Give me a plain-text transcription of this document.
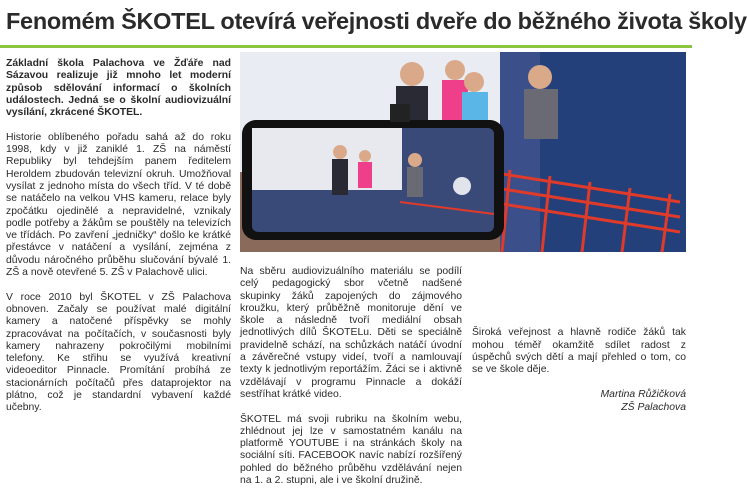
Fenomém ŠKOTEL otevírá veřejnosti dveře do běžného života školy

Základní škola Palachova ve Žďáře nad Sázavou realizuje již mnoho let moderní způsob sdělování informací o školních událostech. Jedná se o školní audiovizuální vysílání, zkrácené ŠKOTEL.

Historie oblíbeného pořadu sahá až do roku 1998, kdy v již zaniklé 1. ZŠ na náměstí Republiky byl tehdejším panem ředitelem Heroldem zbudován televizní okruh. Umožňoval vysílat z jednoho místa do všech tříd. V té době se natáčelo na velkou VHS kameru, relace byly zpočátku ojedinělé a nepravidelné, vznikaly podle potřeby a žákům se pouštěly na televizích ve třídách. Po zavření „jedničky“ došlo ke krátké přestávce v natáčení a vysílání, zejména z důvodu náročného průběhu slučování bývalé 1. ZŠ a nově otevřené 5. ZŠ v Palachově ulici.

V roce 2010 byl ŠKOTEL v ZŠ Palachova obnoven. Začaly se používat malé digitální kamery a natočené příspěvky se mohly zpracovávat na počítačích, v současnosti byly kamery nahrazeny pokročilými mobilními telefony. Ke střihu se využívá kreativní videoeditor Pinnacle. Promítání probíhá ze stacionárních počítačů přes dataprojektor na plátno, což je standardní vybavení každé učebny.

Na sběru audiovizuálního materiálu se podílí celý pedagogický sbor včetně nadšené skupinky žáků zapojených do zájmového kroužku, který průběžně monitoruje dění ve škole a následně tvoří mediální obsah jednotlivých dílů ŠKOTELu. Děti se speciálně pravidelně schází, na schůzkách natáčí úvodní a závěrečné vstupy videí, tvoří a namlouvají texty k jednotlivým reportážím. Žáci se i aktivně vzdělávají v programu Pinnacle a dokáží sestříhat krátké video.

ŠKOTEL má svoji rubriku na školním webu, zhlédnout jej lze v samostatném kanálu na platformě YOUTUBE i na stránkách školy na sociální síti. FACEBOOK navíc nabízí rozšířený pohled do běžného průběhu vzdělávání nejen na 1. a 2. stupni, ale i ve školní družině.

Široká veřejnost a hlavně rodiče žáků tak mohou téměř okamžitě sdílet radost z úspěchů svých dětí a mají přehled o tom, co se ve škole děje.

Martina Růžičková
ZŠ Palachova
